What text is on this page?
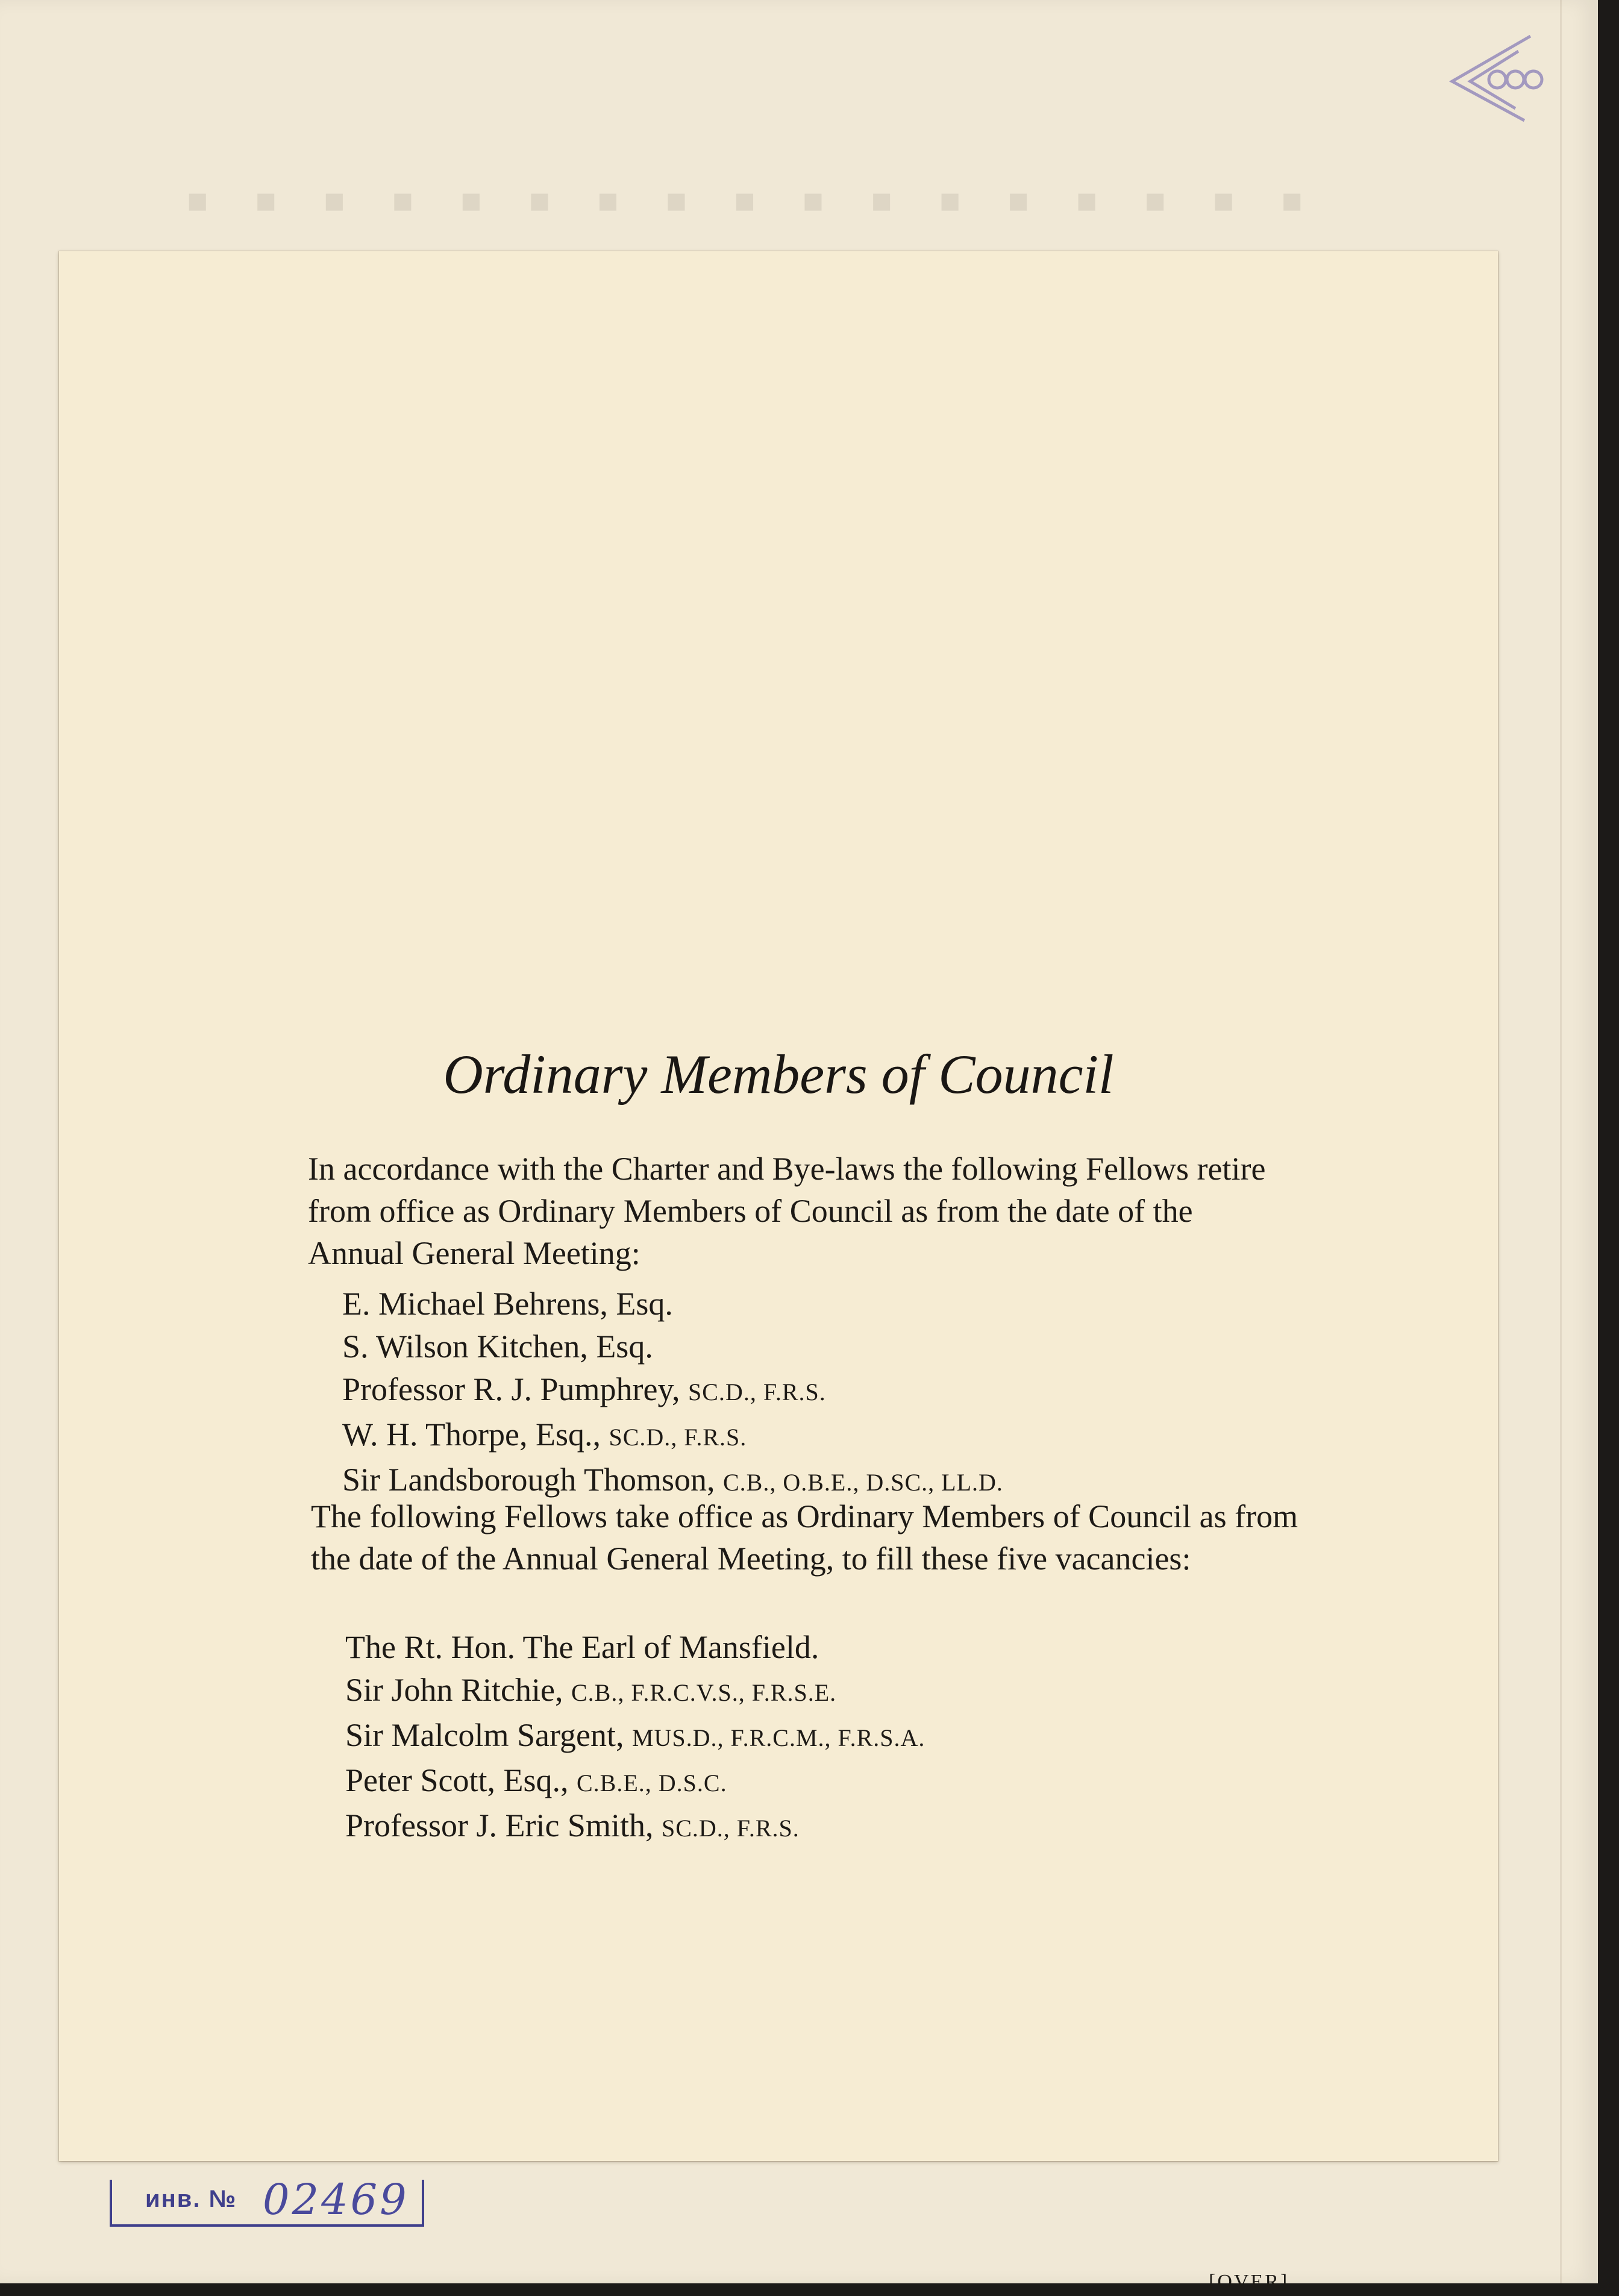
■ ■ ■ ■ ■ ■ ■ ■ ■ ■ ■ ■ ■ ■ ■ ■ ■
Ordinary Members of Council

In accordance with the Charter and Bye-laws the following Fellows retire from office as Ordinary Members of Council as from the date of the Annual General Meeting:

E. Michael Behrens, Esq.
S. Wilson Kitchen, Esq.
Professor R. J. Pumphrey, SC.D., F.R.S.
W. H. Thorpe, Esq., SC.D., F.R.S.
Sir Landsborough Thomson, C.B., O.B.E., D.SC., LL.D.

The following Fellows take office as Ordinary Members of Council as from the date of the Annual General Meeting, to fill these five vacancies:

The Rt. Hon. The Earl of Mansfield.
Sir John Ritchie, C.B., F.R.C.V.S., F.R.S.E.
Sir Malcolm Sargent, MUS.D., F.R.C.M., F.R.S.A.
Peter Scott, Esq., C.B.E., D.S.C.
Professor J. Eric Smith, SC.D., F.R.S.
[OVER]
инв. № 02469
